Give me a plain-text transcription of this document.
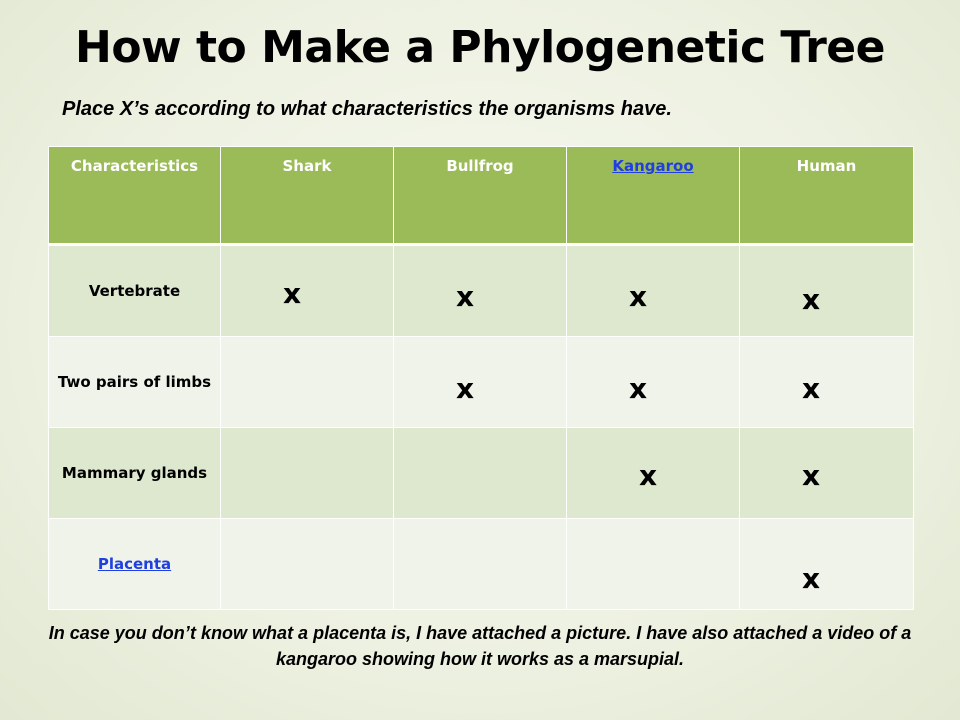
How to Make a Phylogenetic Tree
Place X’s according to what characteristics the organisms have.
Characteristics	Shark	Bullfrog	Kangaroo	Human
Vertebrate	x	x	x	x

Two pairs of limbs		x	x	x

Mammary glands			x	x

Placenta				x
In case you don’t know what a placenta is, I have attached a picture. I have also attached a video of a kangaroo showing how it works as a marsupial.
